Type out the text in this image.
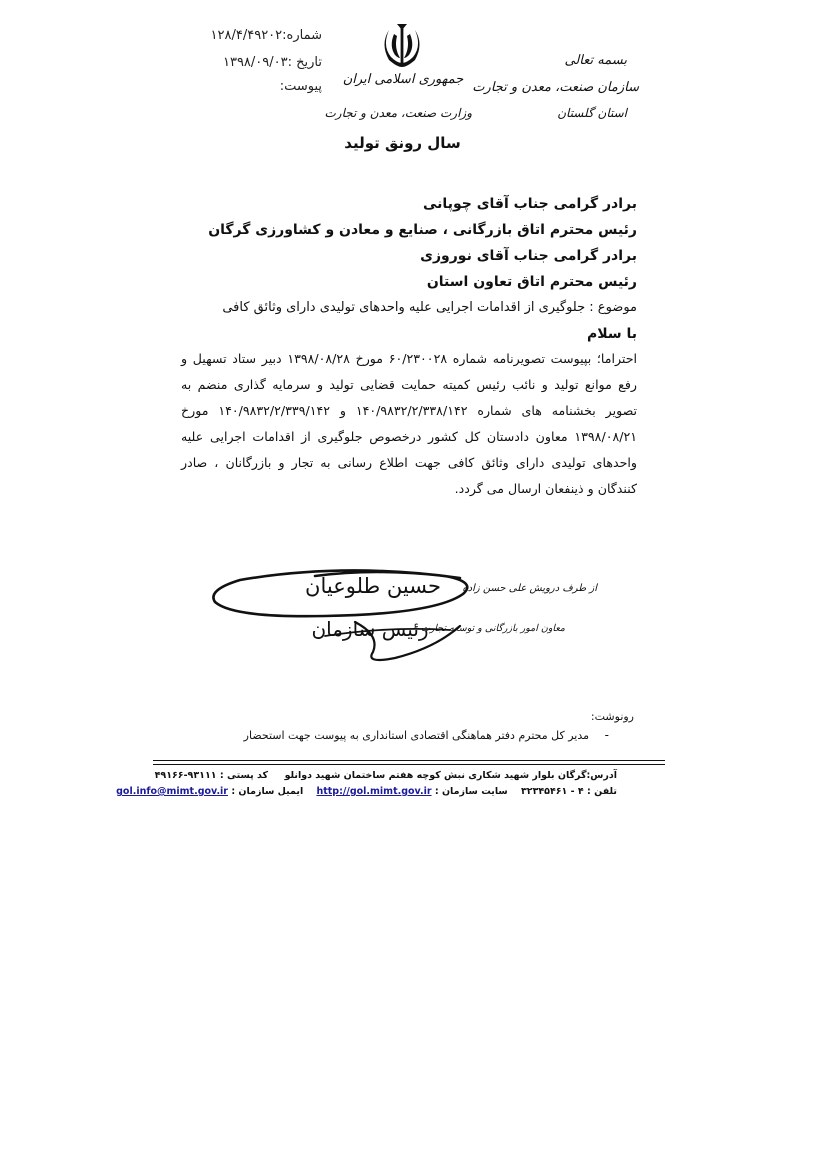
شماره:۱۲۸/۴/۴۹۲۰۲
تاریخ :۱۳۹۸/۰۹/۰۳
پیوست:	جمهوری اسلامی ایران
وزارت صنعت، معدن و تجارت
سال رونق تولید
بسمه تعالی
سازمان صنعت، معدن و تجارت
استان گلستان
برادر گرامی جناب آقای چوپانی
رئیس محترم اتاق بازرگانی ، صنایع و معادن و کشاورزی گرگان
برادر گرامی جناب آقای نوروزی
رئیس محترم اتاق تعاون استان
موضوع : جلوگیری از اقدامات اجرایی علیه واحدهای تولیدی دارای وثائق کافی
با سلام
احتراما؛ بپیوست تصویرنامه شماره ۶۰/۲۳۰۰۲۸ مورخ ۱۳۹۸/۰۸/۲۸ دبیر ستاد تسهیل و رفع موانع تولید و نائب رئیس کمیته حمایت قضایی تولید و سرمایه گذاری منضم به تصویر بخشنامه های شماره ۱۴۰/۹۸۳۲/۲/۳۳۸/۱۴۲ و ۱۴۰/۹۸۳۲/۲/۳۳۹/۱۴۲ مورخ ۱۳۹۸/۰۸/۲۱ معاون دادستان کل کشور درخصوص جلوگیری از اقدامات اجرایی علیه واحدهای تولیدی دارای وثائق کافی جهت اطلاع رسانی به تجار و بازرگانان ، صادر کنندگان و ذینفعان ارسال می گردد.
حسین طلوعیان
رئیس سازمان
از طرف درویش علی حسن زاده
معاون امور بازرگانی و توسعه تجارت
رونوشت:
-
مدیر کل محترم دفتر هماهنگی اقتصادی استانداری به پیوست جهت استحضار
آدرس:گرگان بلوار شهید شکاری نبش کوچه هفتم ساختمان شهید دوانلو     کد پستی : ۹۳۱۱۱-۴۹۱۶۶
تلفن : ۴ - ۳۲۳۴۵۴۶۱    سایت سازمان : http://gol.mimt.gov.ir    ایمیل سازمان : gol.info@mimt.gov.ir
